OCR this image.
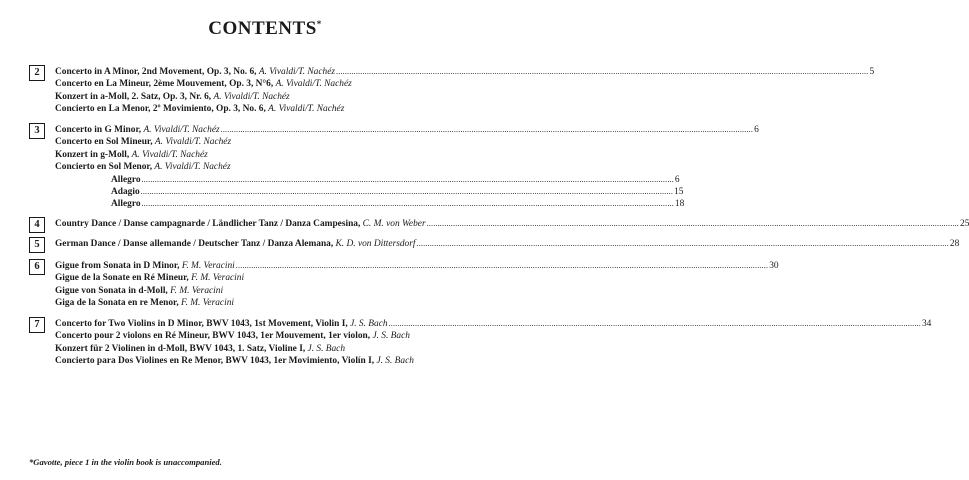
CONTENTS*
2	Concerto in A Minor, 2nd Movement, Op. 3, No. 6, A. Vivaldi/T. Nachéz .................................................................................................................................................................................................................................................. 5
Concerto en La Mineur, 2ème Mouvement, Op. 3, N°6, A. Vivaldi/T. Nachéz
Konzert in a-Moll, 2. Satz, Op. 3, Nr. 6, A. Vivaldi/T. Nachéz
Concierto en La Menor, 2º Movimiento, Op. 3, No. 6, A. Vivaldi/T. Nachéz
3	Concerto in G Minor, A. Vivaldi/T. Nachéz .................................................................................................................................................................................................................................................. 6
Concerto en Sol Mineur, A. Vivaldi/T. Nachéz
Konzert in g-Moll, A. Vivaldi/T. Nachéz
Concierto en Sol Menor, A. Vivaldi/T. Nachéz
Allegro .................................................................................................................................................................................................................................................. 6
Adagio .................................................................................................................................................................................................................................................. 15
Allegro .................................................................................................................................................................................................................................................. 18
4	Country Dance / Danse campagnarde / Ländlicher Tanz / Danza Campesina, C. M. von Weber .................................................................................................................................................................................................................................................. 25
5	German Dance / Danse allemande / Deutscher Tanz / Danza Alemana, K. D. von Dittersdorf .................................................................................................................................................................................................................................................. 28
6	Gigue from Sonata in D Minor, F. M. Veracini .................................................................................................................................................................................................................................................. 30
Gigue de la Sonate en Ré Mineur, F. M. Veracini
Gigue von Sonata in d-Moll, F. M. Veracini
Giga de la Sonata en re Menor, F. M. Veracini
7	Concerto for Two Violins in D Minor, BWV 1043, 1st Movement, Violin I, J. S. Bach .................................................................................................................................................................................................................................................. 34
Concerto pour 2 violons en Ré Mineur, BWV 1043, 1er Mouvement, 1er violon, J. S. Bach
Konzert für 2 Violinen in d-Moll, BWV 1043, 1. Satz, Violine I, J. S. Bach
Concierto para Dos Violines en Re Menor, BWV 1043, 1er Movimiento, Violín I, J. S. Bach
*Gavotte, piece 1 in the violin book is unaccompanied.
